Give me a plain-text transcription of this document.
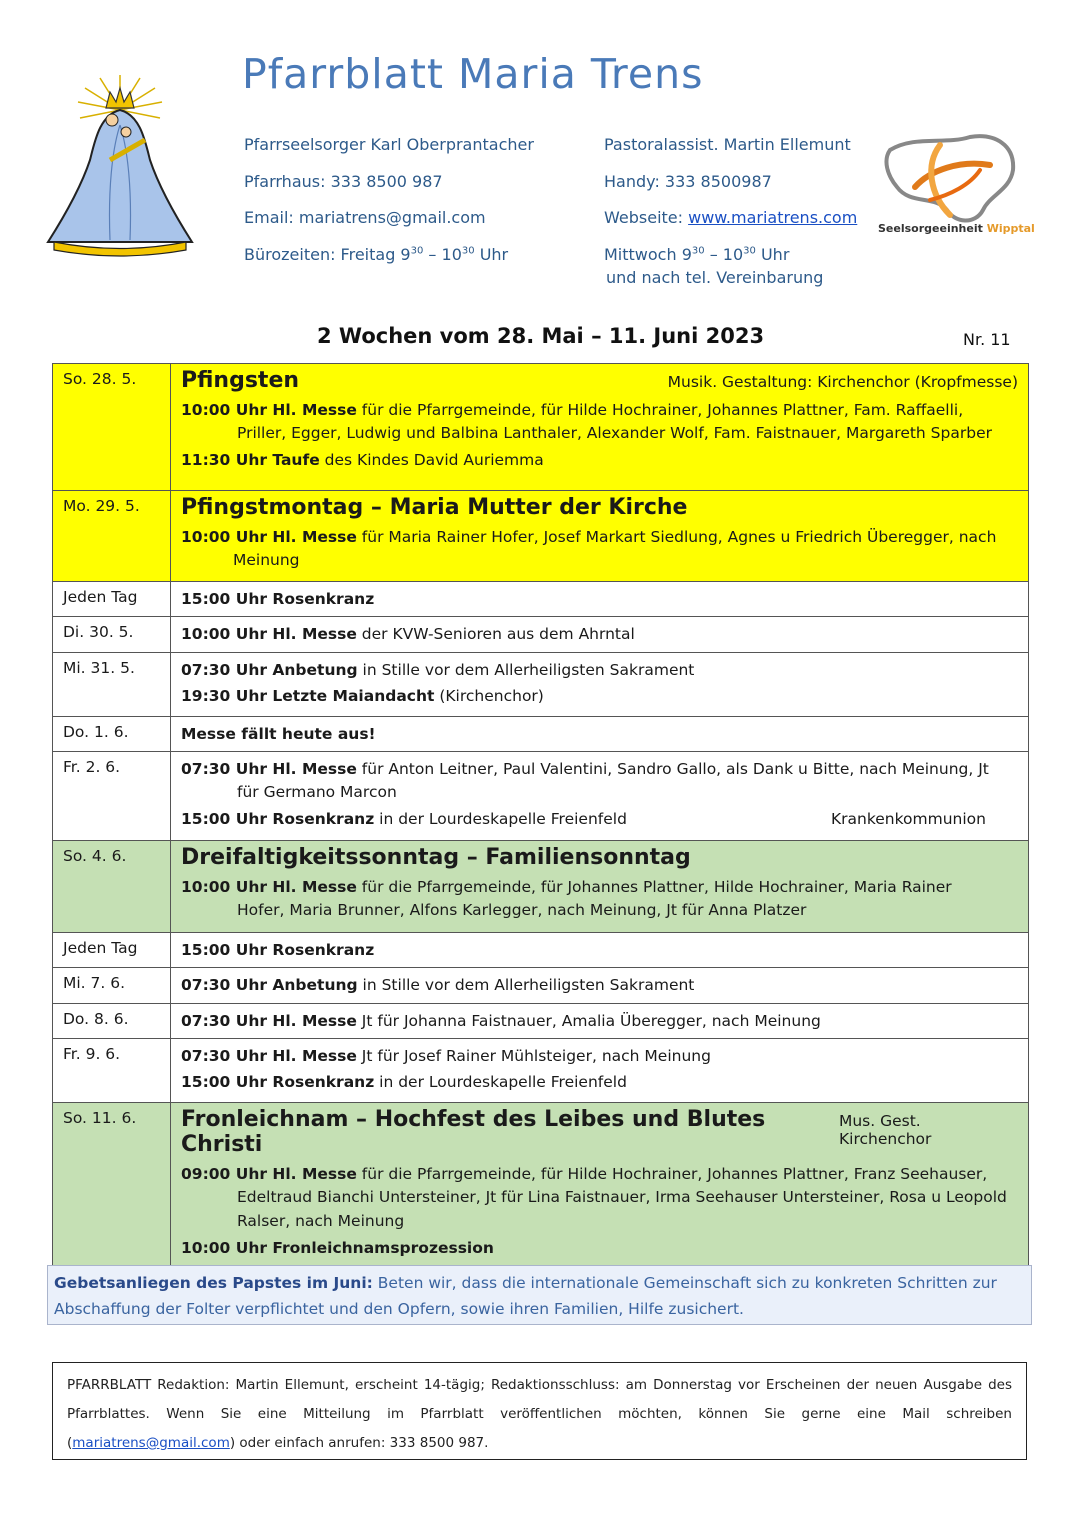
Pfarrblatt Maria Trens
Pfarrseelsorger Karl Oberprantacher
Pfarrhaus: 333 8500 987
Email: mariatrens@gmail.com
Bürozeiten: Freitag $9^{30} - 10^{30}$ Uhr
Pastoralassist. Martin Ellemunt
Handy: 333 8500987
Webseite: www.mariatrens.com
Mittwoch $9^{30} - 10^{30}$ Uhr
und nach tel. Vereinbarung
Seelsorgeeinheit Wipptal
2 Wochen vom 28. Mai – 11. Juni 2023	Nr. 11
So. 28. 5.	Pfingsten Musik. Gestaltung: Kirchenchor (Kropfmesse)
10:00 Uhr Hl. Messe für die Pfarrgemeinde, für Hilde Hochrainer, Johannes Plattner, Fam. Raffaelli,
Priller, Egger, Ludwig und Balbina Lanthaler, Alexander Wolf, Fam. Faistnauer, Margareth Sparber
11:30 Uhr Taufe des Kindes David Auriemma

Mo. 29. 5.	Pfingstmontag – Maria Mutter der Kirche
10:00 Uhr Hl. Messe für Maria Rainer Hofer, Josef Markart Siedlung, Agnes u Friedrich Überegger, nach
Meinung

Jeden Tag	15:00 Uhr Rosenkranz

Di. 30. 5.	10:00 Uhr Hl. Messe der KVW-Senioren aus dem Ahrntal

Mi. 31. 5.	07:30 Uhr Anbetung in Stille vor dem Allerheiligsten Sakrament
19:30 Uhr Letzte Maiandacht (Kirchenchor)

Do. 1. 6.	Messe fällt heute aus!

Fr. 2. 6.	07:30 Uhr Hl. Messe für Anton Leitner, Paul Valentini, Sandro Gallo, als Dank u Bitte, nach Meinung, Jt
für Germano Marcon
15:00 Uhr Rosenkranz in der Lourdeskapelle Freienfeld Krankenkommunion

So. 4. 6.	Dreifaltigkeitssonntag – Familiensonntag
10:00 Uhr Hl. Messe für die Pfarrgemeinde, für Johannes Plattner, Hilde Hochrainer, Maria Rainer
Hofer, Maria Brunner, Alfons Karlegger, nach Meinung, Jt für Anna Platzer

Jeden Tag	15:00 Uhr Rosenkranz

Mi. 7. 6.	07:30 Uhr Anbetung in Stille vor dem Allerheiligsten Sakrament

Do. 8. 6.	07:30 Uhr Hl. Messe Jt für Johanna Faistnauer, Amalia Überegger, nach Meinung

Fr. 9. 6.	07:30 Uhr Hl. Messe Jt für Josef Rainer Mühlsteiger, nach Meinung
15:00 Uhr Rosenkranz in der Lourdeskapelle Freienfeld

So. 11. 6.	Fronleichnam – Hochfest des Leibes und Blutes Christi
Mus. Gest. Kirchenchor
09:00 Uhr Hl. Messe für die Pfarrgemeinde, für Hilde Hochrainer, Johannes Plattner, Franz Seehauser,
Edeltraud Bianchi Untersteiner, Jt für Lina Faistnauer, Irma Seehauser Untersteiner, Rosa u Leopold Ralser, nach Meinung
10:00 Uhr Fronleichnamsprozession
Gebetsanliegen des Papstes im Juni: Beten wir, dass die internationale Gemeinschaft sich zu konkreten Schritten zur Abschaffung der Folter verpflichtet und den Opfern, sowie ihren Familien, Hilfe zusichert.
PFARRBLATT Redaktion: Martin Ellemunt, erscheint 14-tägig; Redaktionsschluss: am Donnerstag vor Erscheinen der neuen Ausgabe des Pfarrblattes. Wenn Sie eine Mitteilung im Pfarrblatt veröffentlichen möchten, können Sie gerne eine Mail schreiben (mariatrens@gmail.com) oder einfach anrufen: 333 8500 987.
